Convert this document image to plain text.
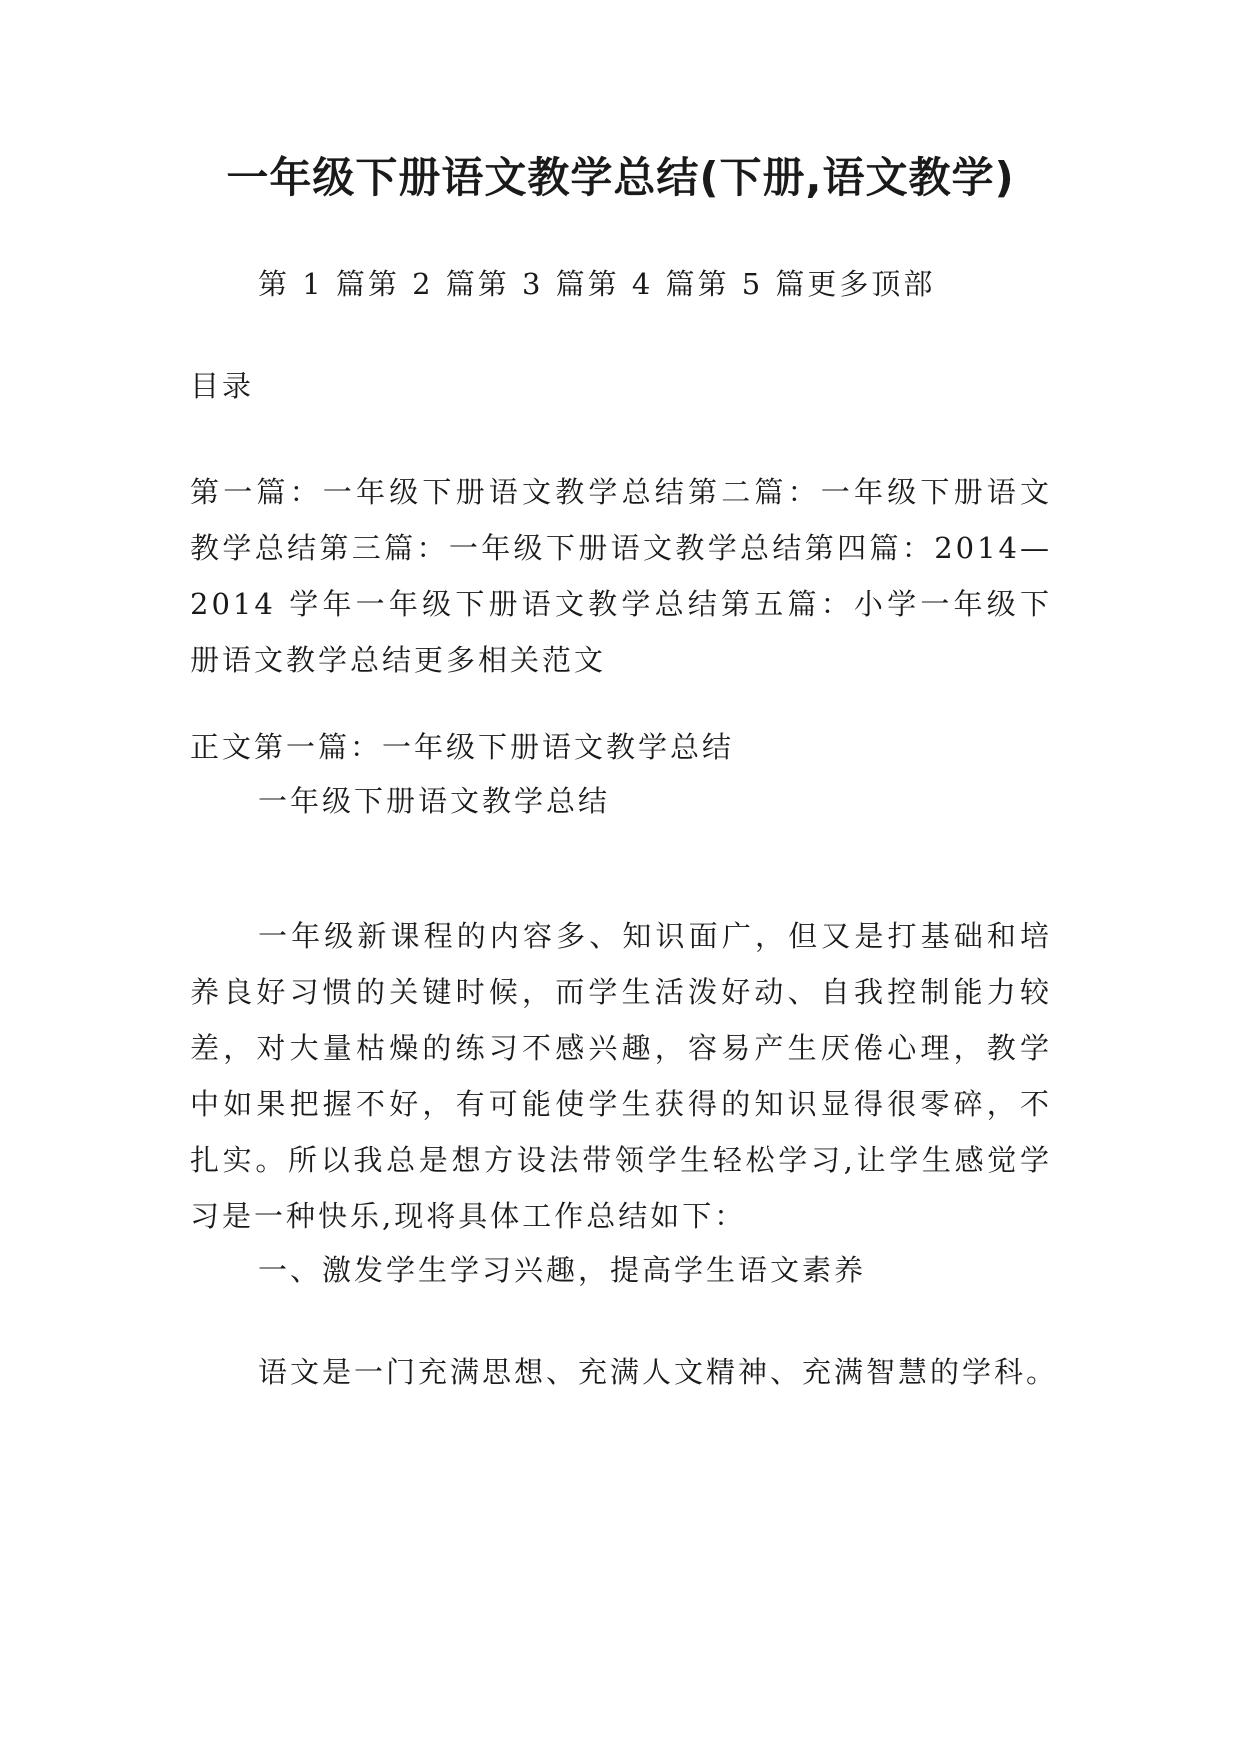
一年级下册语文教学总结(下册,语文教学)
第 1 篇第 2 篇第 3 篇第 4 篇第 5 篇更多顶部
目录
第一篇：一年级下册语文教学总结第二篇：一年级下册语文教学总结第三篇：一年级下册语文教学总结第四篇：2014—2014 学年一年级下册语文教学总结第五篇：小学一年级下册语文教学总结更多相关范文
正文第一篇：一年级下册语文教学总结
一年级下册语文教学总结
一年级新课程的内容多、知识面广，但又是打基础和培养良好习惯的关键时候，而学生活泼好动、自我控制能力较差，对大量枯燥的练习不感兴趣，容易产生厌倦心理，教学中如果把握不好，有可能使学生获得的知识显得很零碎，不扎实。所以我总是想方设法带领学生轻松学习,让学生感觉学习是一种快乐,现将具体工作总结如下：
一、激发学生学习兴趣，提高学生语文素养
语文是一门充满思想、充满人文精神、充满智慧的学科。
